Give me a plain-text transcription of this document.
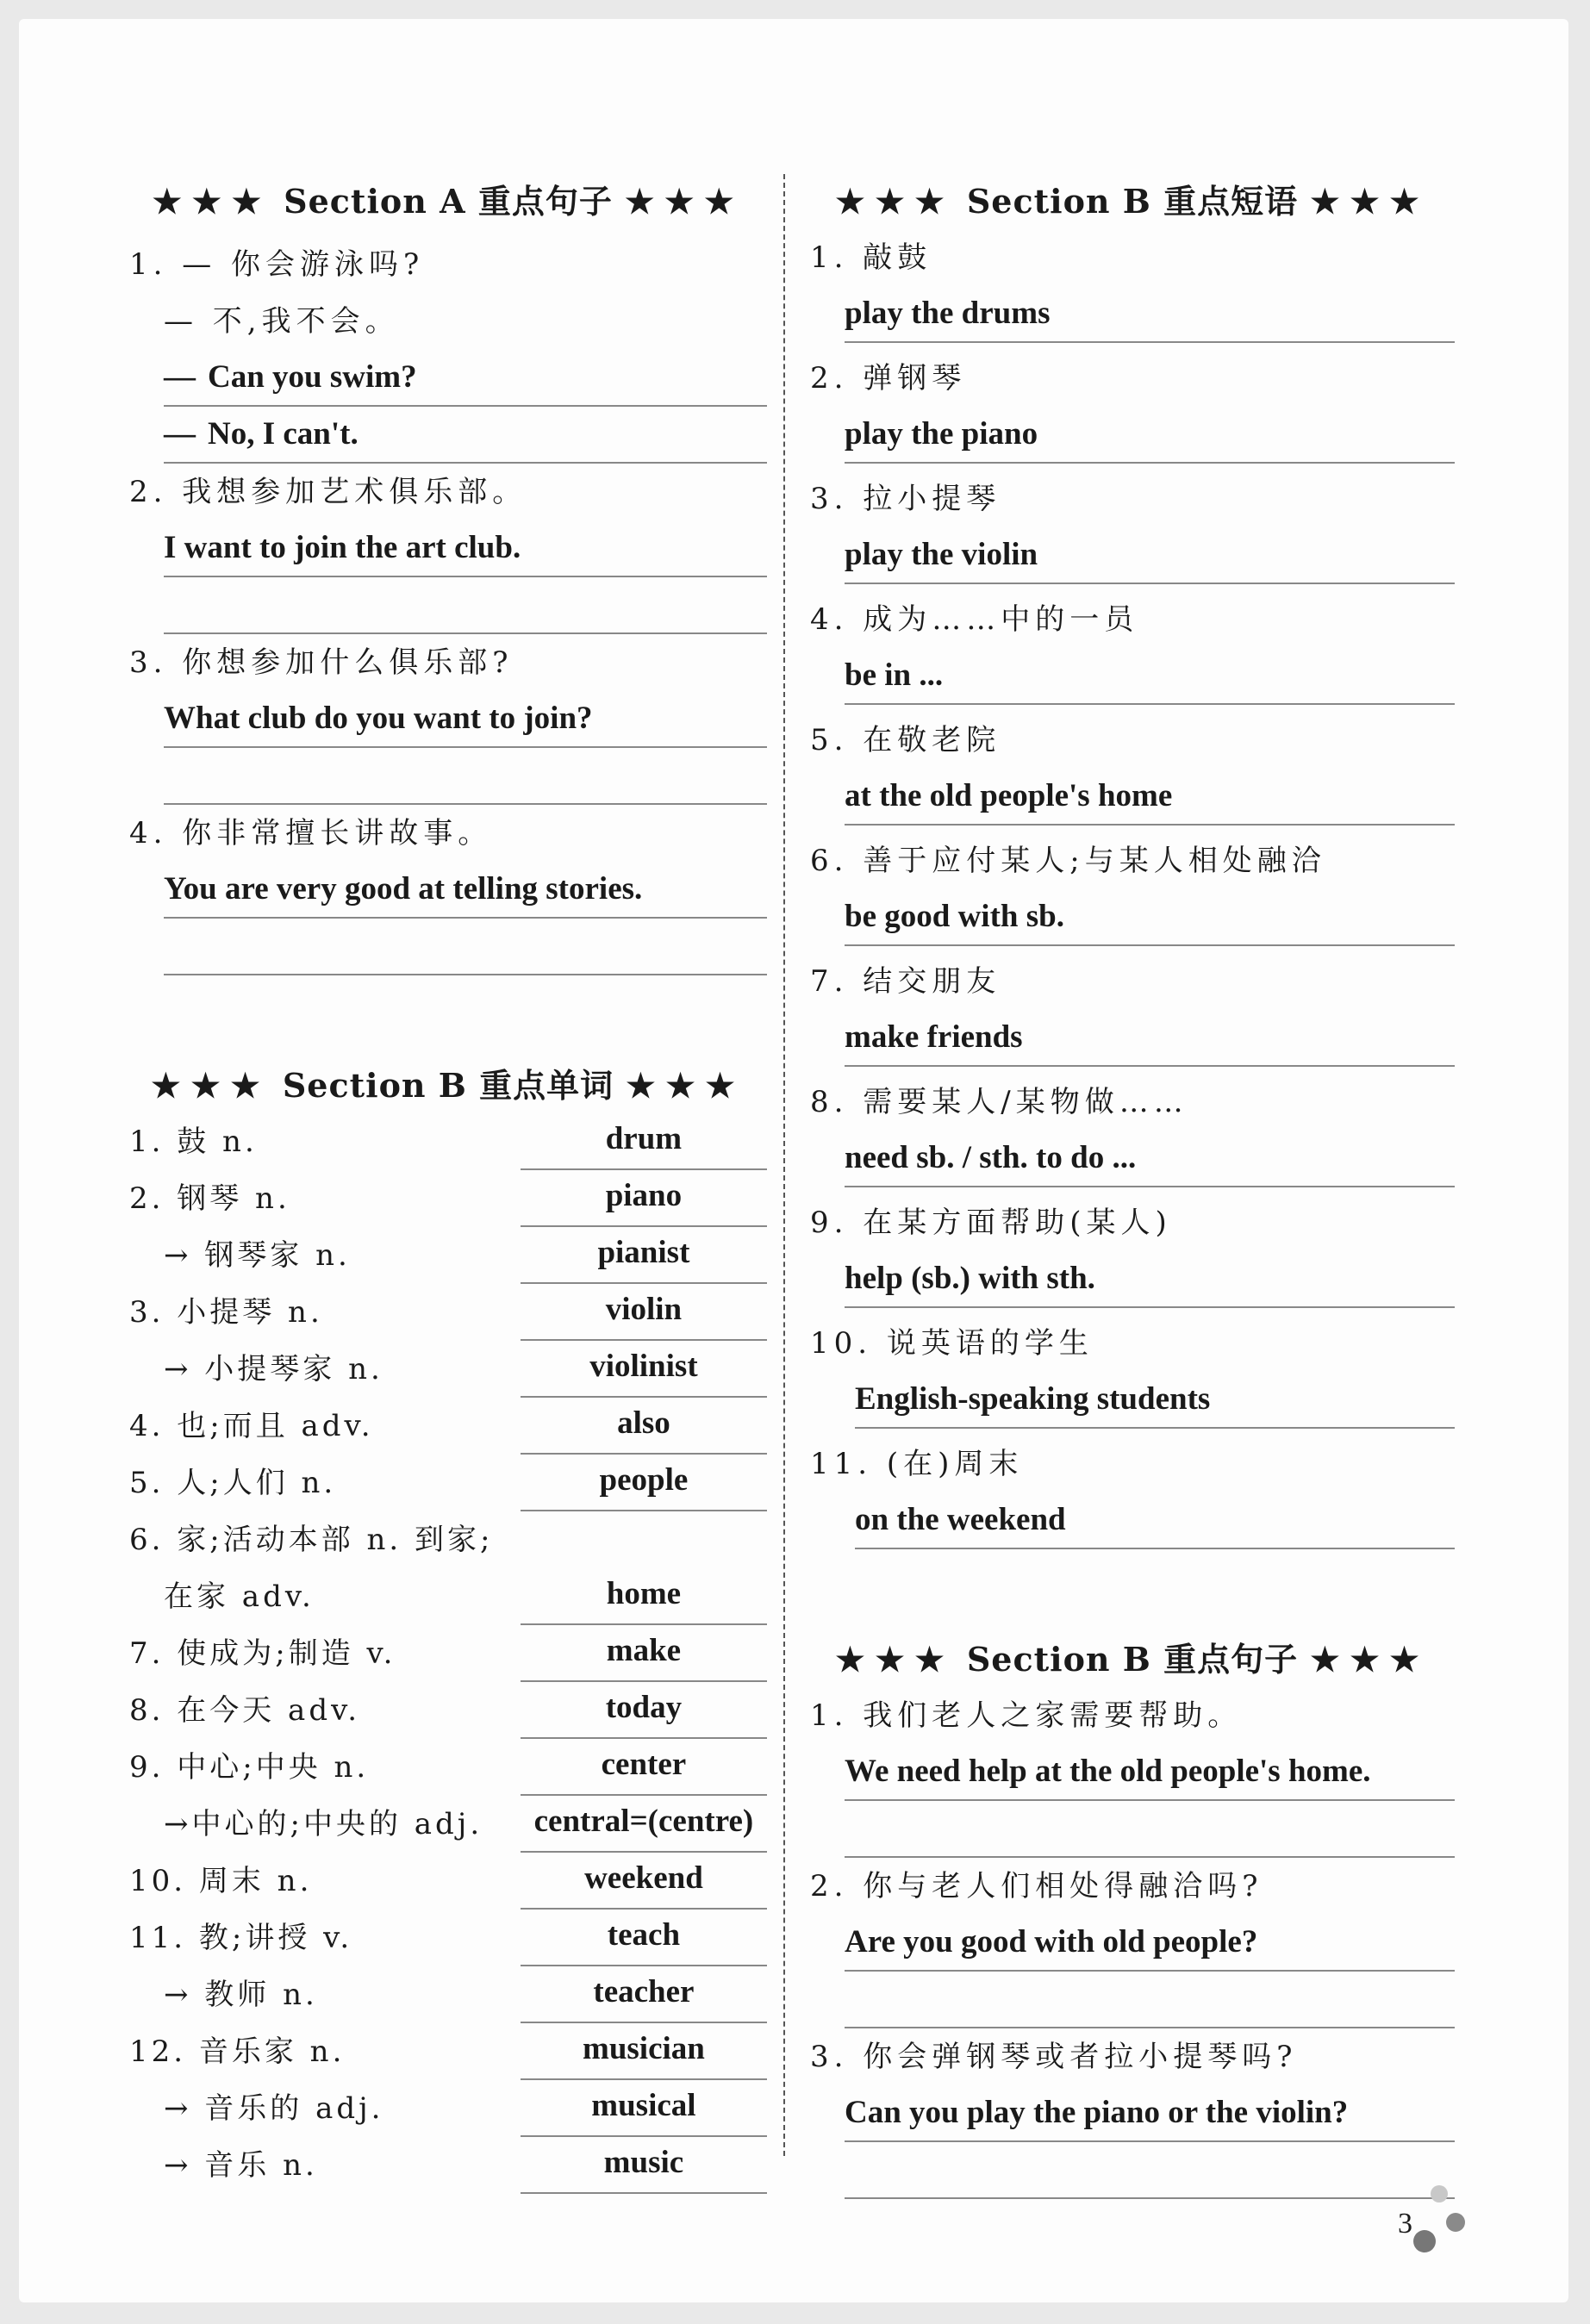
★★★ Section A 重点句子 ★★★
1. — 你会游泳吗?
— 不,我不会。
— Can you swim?
— No, I can't.
2. 我想参加艺术俱乐部。
I want to join the art club.
3. 你想参加什么俱乐部?
What club do you want to join?
4. 你非常擅长讲故事。
You are very good at telling stories.
★★★ Section B 重点单词 ★★★
1. 鼓 n.	drum
2. 钢琴 n.	piano
→ 钢琴家 n.	pianist
3. 小提琴 n.	violin
→ 小提琴家 n.	violinist
4. 也;而且 adv.	also
5. 人;人们 n.	people
6. 家;活动本部 n. 到家;
在家 adv.	home
7. 使成为;制造 v.	make
8. 在今天 adv.	today
9. 中心;中央 n.	center
→中心的;中央的 adj.	central=(centre)
10. 周末 n.	weekend
11. 教;讲授 v.	teach
→ 教师 n.	teacher
12. 音乐家 n.	musician
→ 音乐的 adj.	musical
→ 音乐 n.	music
★★★ Section B 重点短语 ★★★
1. 敲鼓
play the drums
2. 弹钢琴
play the piano
3. 拉小提琴
play the violin
4. 成为……中的一员
be in ...
5. 在敬老院
at the old people's home
6. 善于应付某人;与某人相处融洽
be good with sb.
7. 结交朋友
make friends
8. 需要某人/某物做……
need sb. / sth. to do ...
9. 在某方面帮助(某人)
help (sb.) with sth.
10. 说英语的学生
English-speaking students
11. (在)周末
on the weekend
★★★ Section B 重点句子 ★★★
1. 我们老人之家需要帮助。
We need help at the old people's home.
2. 你与老人们相处得融洽吗?
Are you good with old people?
3. 你会弹钢琴或者拉小提琴吗?
Can you play the piano or the violin?
3
